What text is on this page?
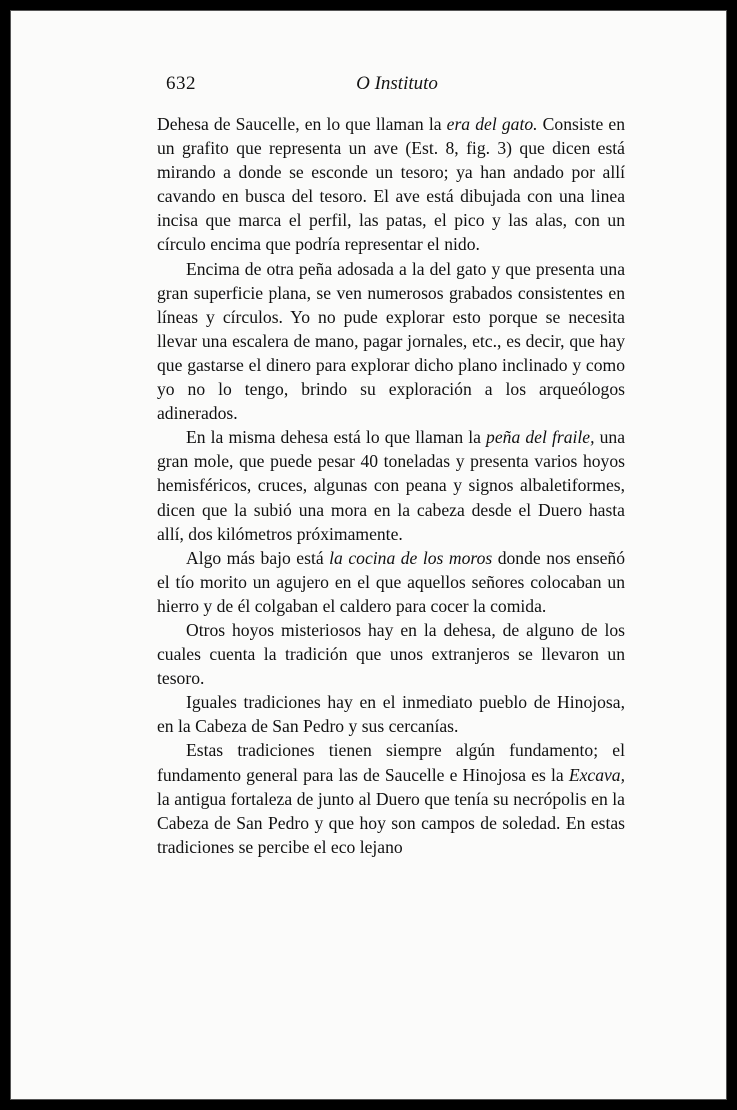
632	O Instituto

Dehesa de Saucelle, en lo que llaman la era del gato. Consiste en un grafito que representa un ave (Est. 8, fig. 3) que dicen está mirando a donde se esconde un tesoro; ya han andado por allí cavando en busca del tesoro. El ave está dibujada con una linea incisa que marca el perfil, las patas, el pico y las alas, con un círculo encima que podría representar el nido.

Encima de otra peña adosada a la del gato y que presenta una gran superficie plana, se ven numerosos grabados consistentes en líneas y círculos. Yo no pude explorar esto porque se necesita llevar una escalera de mano, pagar jornales, etc., es decir, que hay que gastarse el dinero para explorar dicho plano inclinado y como yo no lo tengo, brindo su exploración a los arqueólogos adinerados.

En la misma dehesa está lo que llaman la peña del fraile, una gran mole, que puede pesar 40 toneladas y presenta varios hoyos hemisféricos, cruces, algunas con peana y signos albaletiformes, dicen que la subió una mora en la cabeza desde el Duero hasta allí, dos kilómetros próximamente.

Algo más bajo está la cocina de los moros donde nos enseñó el tío morito un agujero en el que aquellos señores colocaban un hierro y de él colgaban el caldero para cocer la comida.

Otros hoyos misteriosos hay en la dehesa, de alguno de los cuales cuenta la tradición que unos extranjeros se llevaron un tesoro.

Iguales tradiciones hay en el inmediato pueblo de Hinojosa, en la Cabeza de San Pedro y sus cercanías.

Estas tradiciones tienen siempre algún fundamento; el fundamento general para las de Saucelle e Hinojosa es la Excava, la antigua fortaleza de junto al Duero que tenía su necrópolis en la Cabeza de San Pedro y que hoy son campos de soledad. En estas tradiciones se percibe el eco lejano
